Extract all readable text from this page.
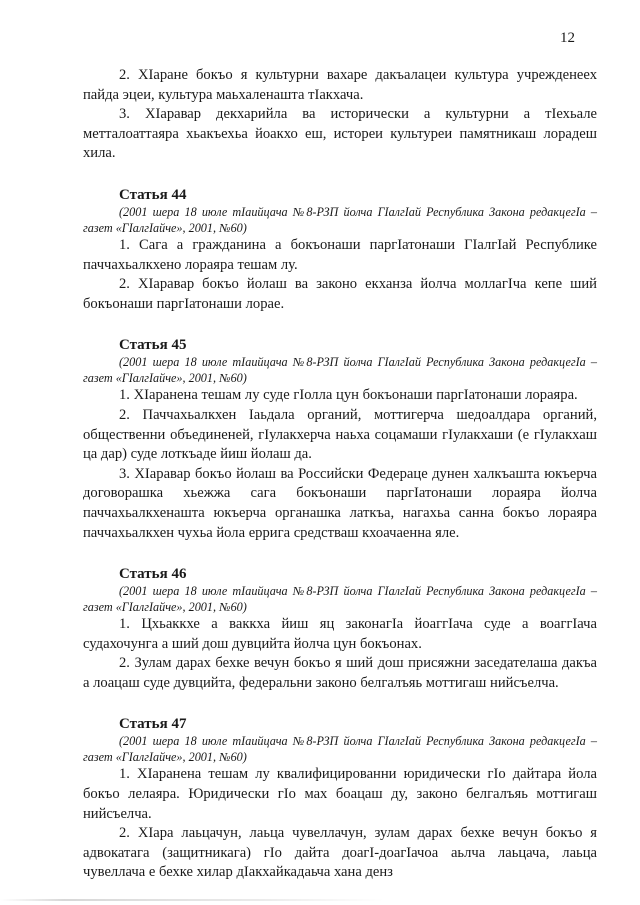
12

2. ХIаране бокъо я культурни вахаре дакъалацеи культура учрежденеех пайда эцеи, культура маьхаленашта тIакхача.

3. ХIаравар декхарийла ва исторически а культурни а тIехьале метталоаттаяра хьакъехьа йоакхо еш, истореи культуреи памятникаш лорадеш хила.

Статья 44

(2001 шера 18 июле тIаийцача №8-РЗП йолча ГIалгIай Республика Закона редакцегIа – газет «ГIалгIайче», 2001, №60)

1. Сага а гражданина а бокъонаши паргIатонаши ГIалгIай Республике паччахьалкхено лораяра тешам лу.

2. ХIаравар бокъо йолаш ва законо екханза йолча моллагIча кепе ший бокъонаши паргIатонаши лорае.

Статья 45

(2001 шера 18 июле тIаийцача №8-РЗП йолча ГIалгIай Республика Закона редакцегIа – газет «ГIалгIайче», 2001, №60)

1. ХIаранена тешам лу суде гIолла цун бокъонаши паргIатонаши лораяра.

2. Паччахьалкхен Iаьдала органий, моттигерча шедоалдара органий, общественни объединеней, гIулакхерча наьха соцамаши гIулакхаши (е гIулакхаш ца дар) суде лоткъаде йиш йолаш да.

3. ХIаравар бокъо йолаш ва Российски Федераце дунен халкъашта юкъерча договорашка хьежжа сага бокъонаши паргIатонаши лораяра йолча паччахьалкхенашта юкъерча органашка латкъа, нагахьа санна бокъо лораяра паччахьалкхен чухьа йола еррига средстваш кхоачаенна яле.

Статья 46

(2001 шера 18 июле тIаийцача №8-РЗП йолча ГIалгIай Республика Закона редакцегIа – газет «ГIалгIайче», 2001, №60)

1. Цхьаккхе а ваккха йиш яц законагIа йоаггIача суде а воаггIача судахочунга а ший дош дувцийта йолча цун бокъонах.

2. Зулам дарах бехке вечун бокъо я ший дош присяжни заседателаша дакъа а лоацаш суде дувцийта, федеральни законо белгалъяь моттигаш нийсъелча.

Статья 47

(2001 шера 18 июле тIаийцача №8-РЗП йолча ГIалгIай Республика Закона редакцегIа – газет «ГIалгIайче», 2001, №60)

1. ХIаранена тешам лу квалифицированни юридически гIо дайтара йола бокъо лелаяра. Юридически гIо мах боацаш ду, законо белгалъяь моттигаш нийсъелча.

2. ХIара лаьцачун, лаьца чувеллачун, зулам дарах бехке вечун бокъо я адвокатага (защитникага) гIо дайта доагI-доагIачоа аьлча лаьцача, лаьца чувеллача е бехке хилар дIакхайкадаьча хана денз
